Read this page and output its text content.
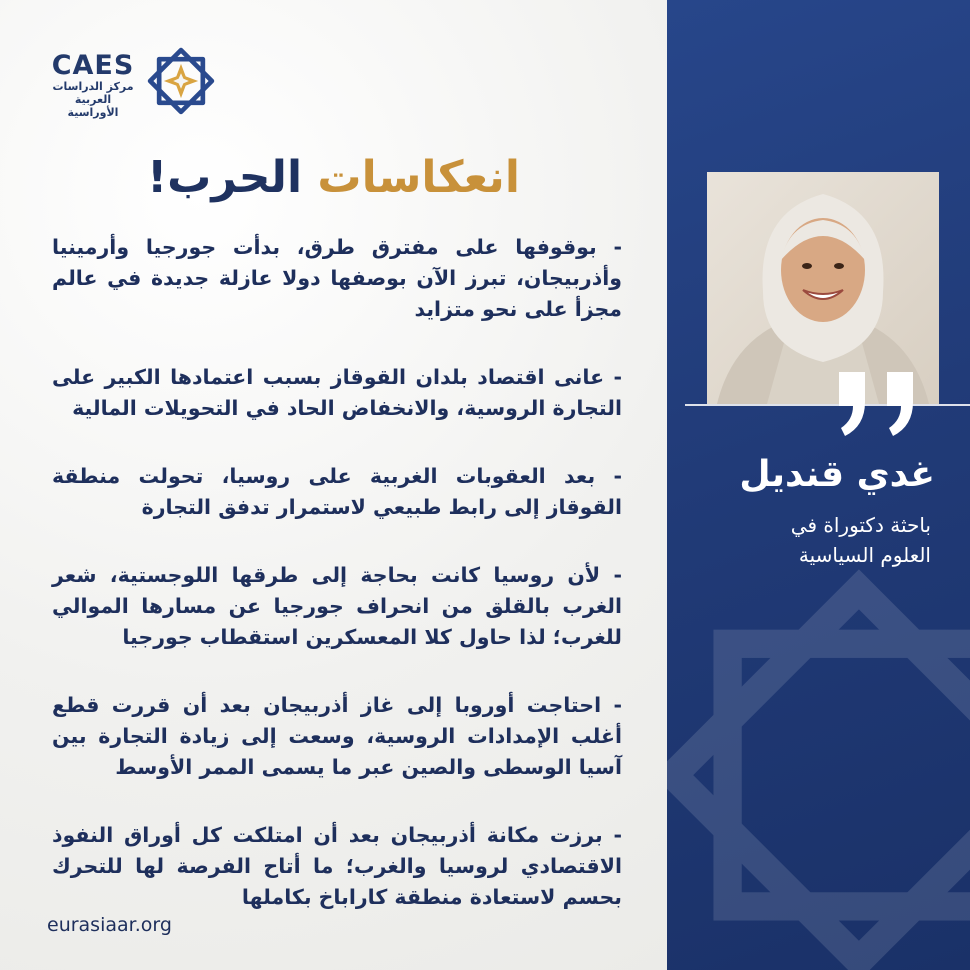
CAES
مركز الدراسات
العربية الأوراسية
انعكاسات الحرب!

- بوقوفها على مفترق طرق، بدأت جورجيا وأرمينيا وأذربيجان، تبرز الآن بوصفها دولا عازلة جديدة في عالم مجزأ على نحو متزايد

- عانى اقتصاد بلدان القوقاز بسبب اعتمادها الكبير على التجارة الروسية، والانخفاض الحاد في التحويلات المالية

- بعد العقوبات الغربية على روسيا، تحولت منطقة القوقاز إلى رابط طبيعي لاستمرار تدفق التجارة

- لأن روسيا كانت بحاجة إلى طرقها اللوجستية، شعر الغرب بالقلق من انحراف جورجيا عن مسارها الموالي للغرب؛ لذا حاول كلا المعسكرين استقطاب جورجيا

- احتاجت أوروبا إلى غاز أذربيجان بعد أن قررت قطع أغلب الإمدادات الروسية، وسعت إلى زيادة التجارة بين آسيا الوسطى والصين عبر ما يسمى الممر الأوسط

- برزت مكانة أذربيجان بعد أن امتلكت كل أوراق النفوذ الاقتصادي لروسيا والغرب؛ ما أتاح الفرصة لها للتحرك بحسم لاستعادة منطقة كاراباخ بكاملها

eurasiaar.org
غدي قنديل
باحثة دكتوراة في
العلوم السياسية
